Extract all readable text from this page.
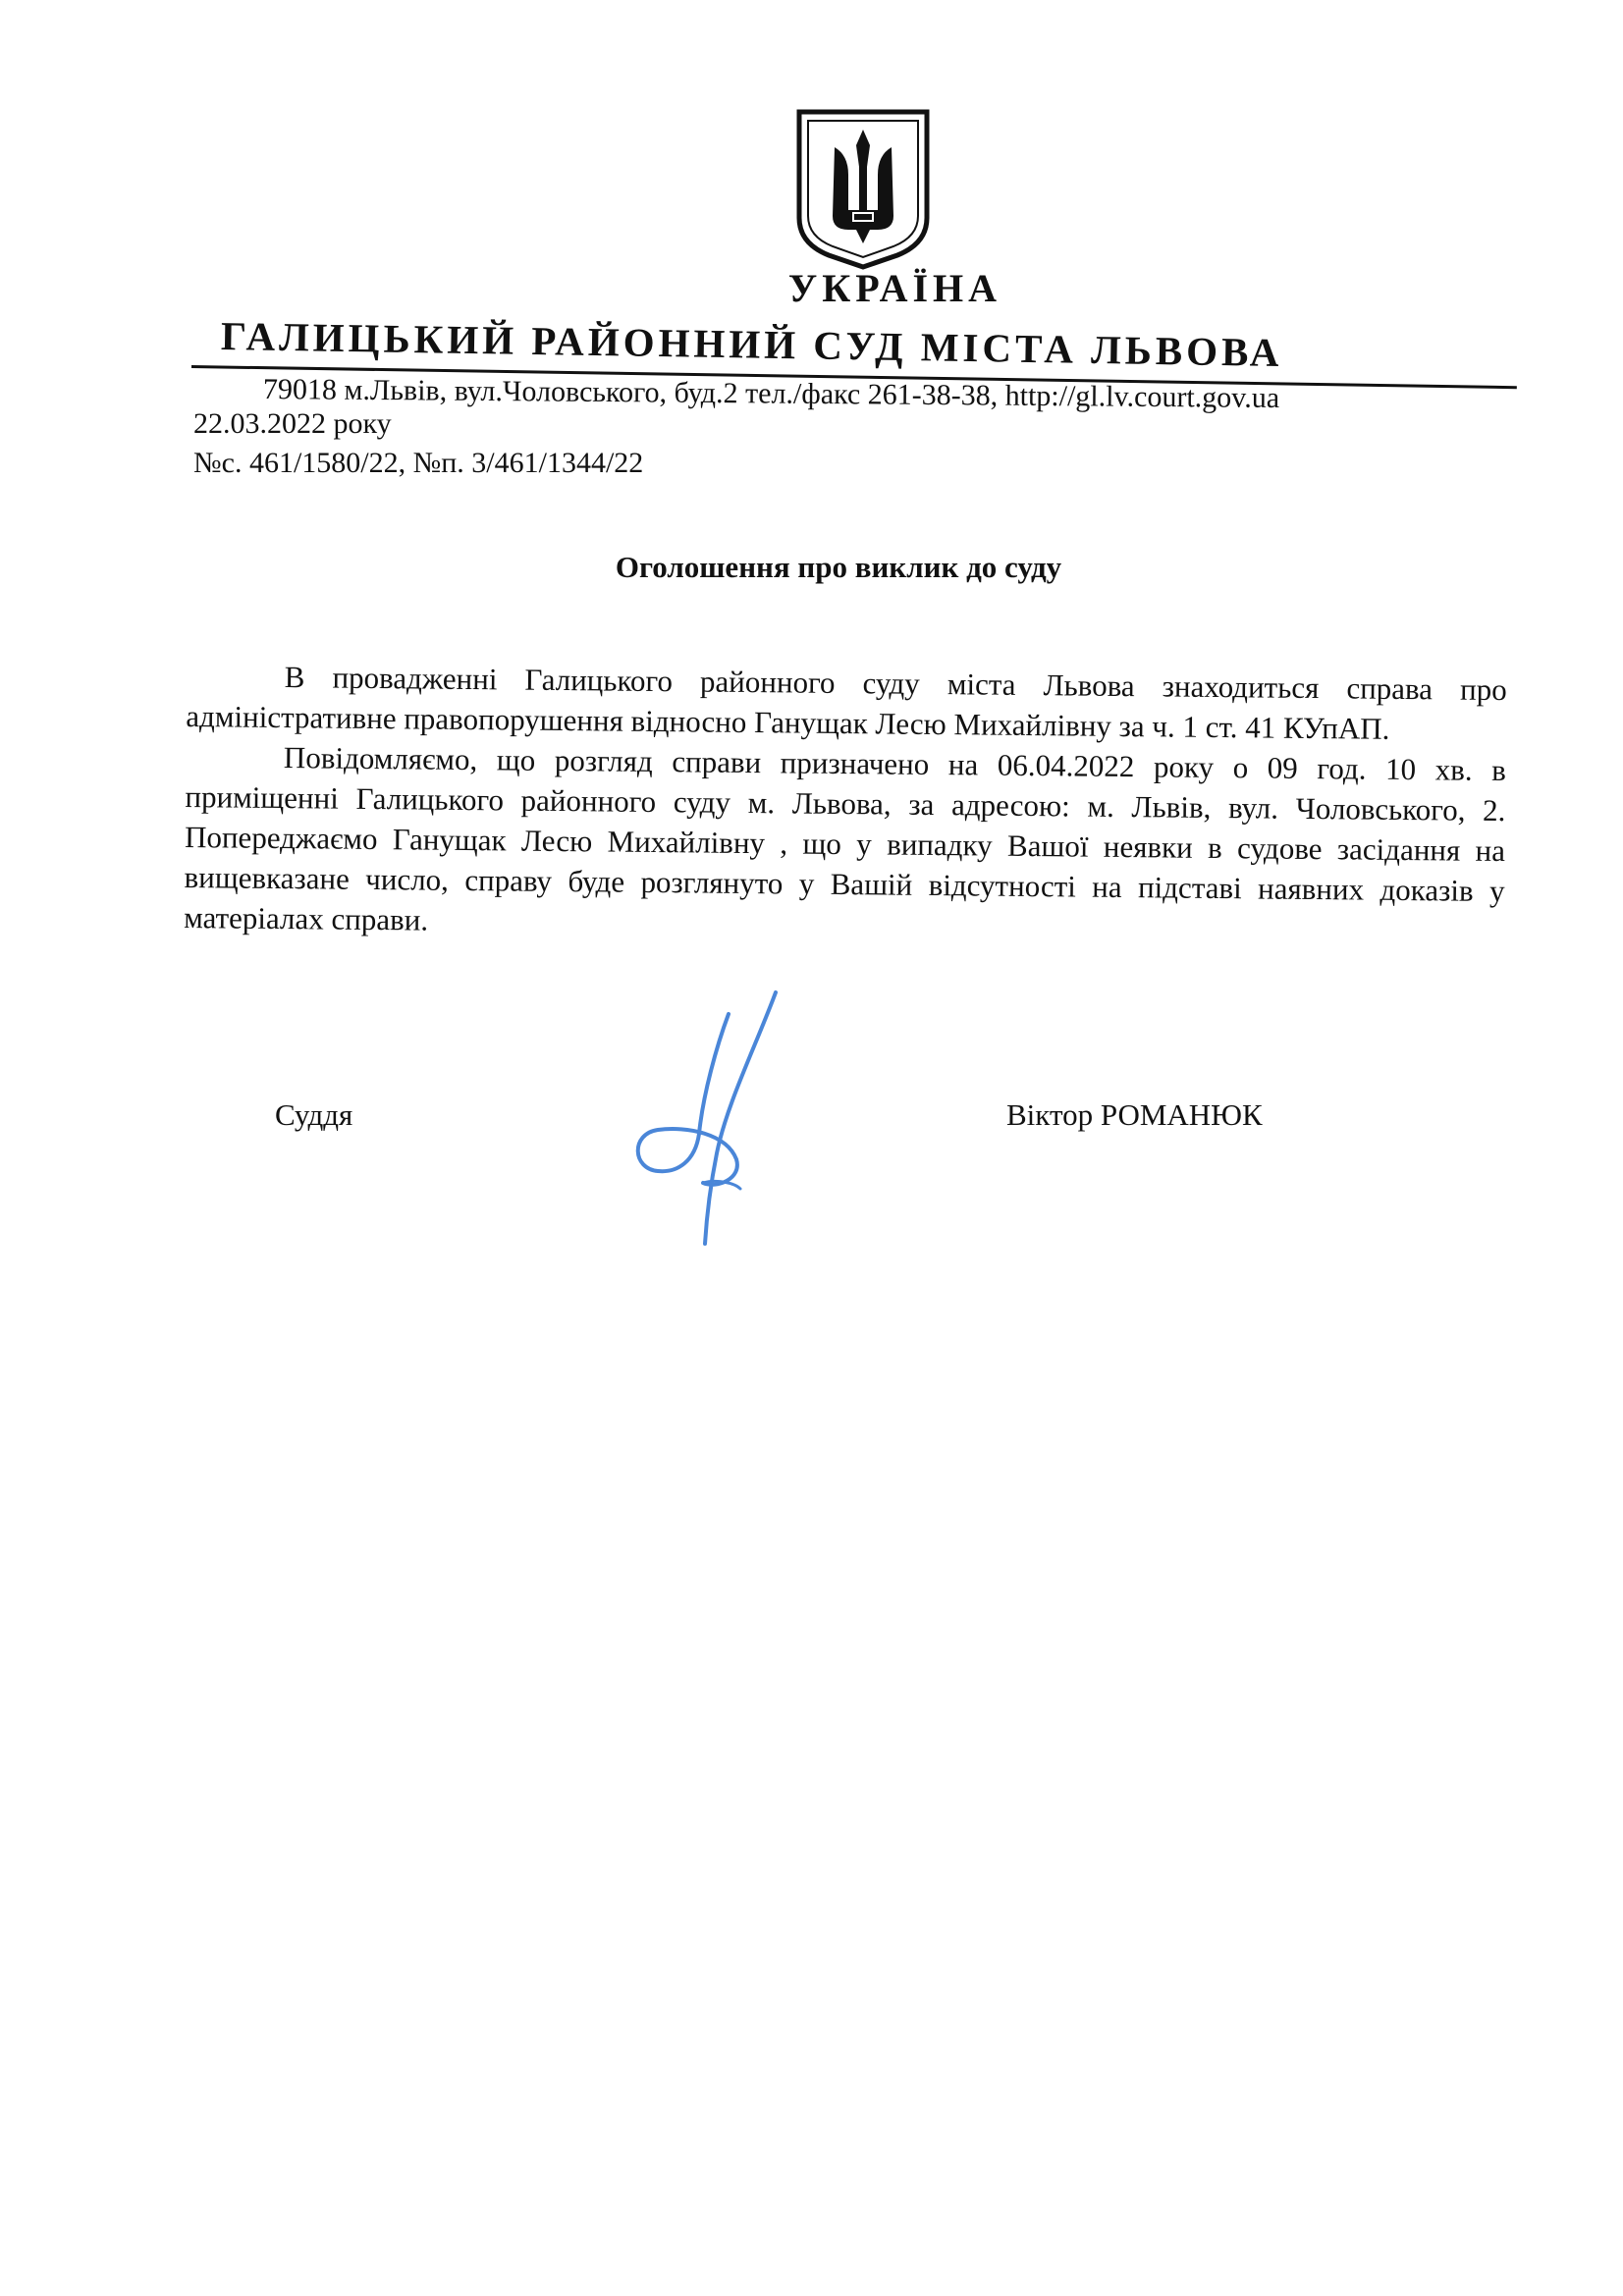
УКРАЇНА
ГАЛИЦЬКИЙ РАЙОННИЙ СУД МІСТА ЛЬВОВА
79018 м.Львів, вул.Чоловського, буд.2 тел./факс 261-38-38, http://gl.lv.court.gov.ua
22.03.2022 року
№с. 461/1580/22, №п. 3/461/1344/22
Оголошення про виклик до суду

В провадженні Галицького районного суду міста Львова знаходиться справа про адміністративне правопорушення відносно Ганущак Лесю Михайлівну за ч. 1 ст. 41 КУпАП.

Повідомляємо, що розгляд справи призначено на 06.04.2022 року о 09 год. 10 хв. в приміщенні Галицького районного суду м. Львова, за адресою: м. Львів, вул. Чоловського, 2. Попереджаємо Ганущак Лесю Михайлівну , що у випадку Вашої неявки в судове засідання на вищевказане число, справу буде розглянуто у Вашій відсутності на підставі наявних доказів у матеріалах справи.

Суддя	Віктор РОМАНЮК
